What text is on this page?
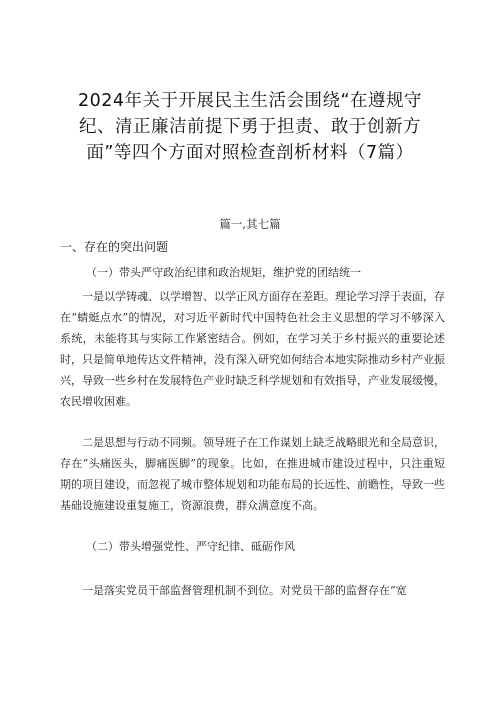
2024年关于开展民主生活会围绕“在遵规守
纪、清正廉洁前提下勇于担责、敢于创新方
面”等四个方面对照检查剖析材料（7篇）
篇一,其七篇
一、存在的突出问题
（一）带头严守政治纪律和政治规矩，维护党的团结统一
一是以学铸魂、以学增智、以学正风方面存在差距。理论学习浮于表面，存在“蜻蜓点水”的情况，对习近平新时代中国特色社会主义思想的学习不够深入系统，未能将其与实际工作紧密结合。例如，在学习关于乡村振兴的重要论述时，只是简单地传达文件精神，没有深入研究如何结合本地实际推动乡村产业振兴，导致一些乡村在发展特色产业时缺乏科学规划和有效指导，产业发展缓慢，农民增收困难。
二是思想与行动不同频。领导班子在工作谋划上缺乏战略眼光和全局意识，存在“头痛医头，脚痛医脚”的现象。比如，在推进城市建设过程中，只注重短期的项目建设，而忽视了城市整体规划和功能布局的长远性、前瞻性，导致一些基础设施建设重复施工，资源浪费，群众满意度不高。
（二）带头增强党性、严守纪律、砥砺作风
一是落实党员干部监督管理机制不到位。对党员干部的监督存在“宽
